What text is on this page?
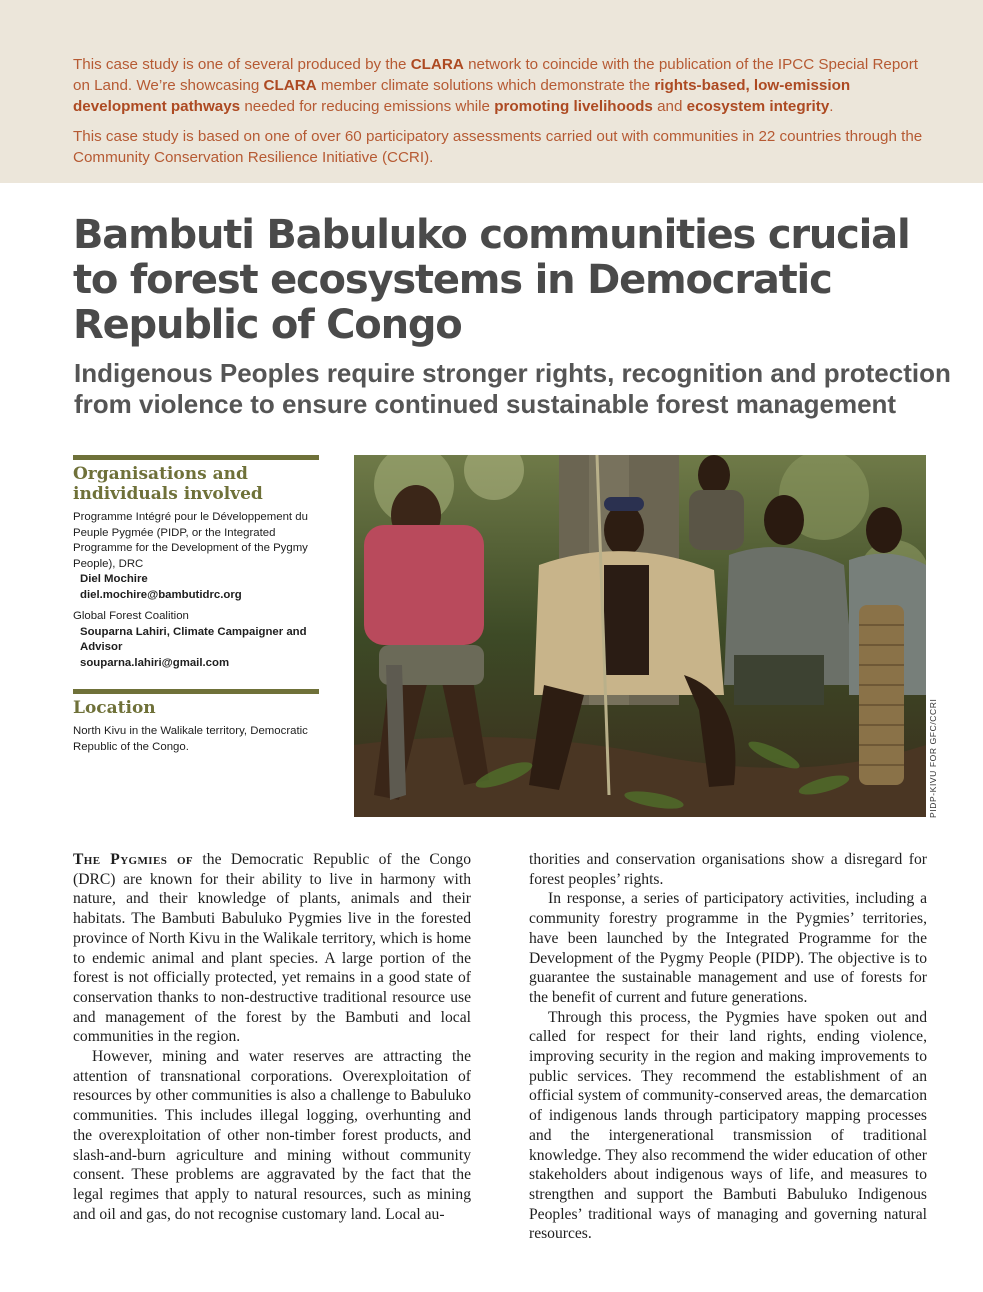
This case study is one of several produced by the CLARA network to coincide with the publication of the IPCC Special Report on Land. We’re showcasing CLARA member climate solutions which demonstrate the rights-based, low-emission development pathways needed for reducing emissions while promoting livelihoods and ecosystem integrity.

This case study is based on one of over 60 participatory assessments carried out with communities in 22 countries through the Community Conservation Resilience Initiative (CCRI).

Bambuti Babuluko communities crucial to forest ecosystems in Democratic Republic of Congo
Indigenous Peoples require stronger rights, recognition and protection from violence to ensure continued sustainable forest management
Organisations and individuals involved

Programme Intégré pour le Développement du Peuple Pygmée (PIDP, or the Integrated Programme for the Development of the Pygmy People), DRC

Diel Mochire

diel.mochire@bambutidrc.org

Global Forest Coalition

Souparna Lahiri, Climate Campaigner and Advisor

souparna.lahiri@gmail.com

Location

North Kivu in the Walikale territory, Democratic Republic of the Congo.	PIDP-KIVU FOR GFC/CCRI

The Pygmies of the Democratic Republic of the Congo (DRC) are known for their ability to live in harmony with nature, and their knowledge of plants, animals and their habitats. The Bambuti Babuluko Pygmies live in the forested province of North Kivu in the Walikale territory, which is home to endemic animal and plant species. A large portion of the forest is not officially protected, yet remains in a good state of conservation thanks to non-destructive traditional resource use and management of the forest by the Bambuti and local communities in the region.

However, mining and water reserves are attracting the attention of transnational corporations. Overexploitation of resources by other communities is also a challenge to Babuluko communities. This includes illegal logging, overhunting and the overexploitation of other non-timber forest products, and slash-and-burn agriculture and mining without community consent. These problems are aggravated by the fact that the legal regimes that apply to natural resources, such as mining and oil and gas, do not recognise customary land. Local au-

thorities and conservation organisations show a disregard for forest peoples’ rights.

In response, a series of participatory activities, including a community forestry programme in the Pygmies’ territories, have been launched by the Integrated Programme for the Development of the Pygmy People (PIDP). The objective is to guarantee the sustainable management and use of forests for the benefit of current and future generations.

Through this process, the Pygmies have spoken out and called for respect for their land rights, ending violence, improving security in the region and making improvements to public services. They recommend the establishment of an official system of community-conserved areas, the demarcation of indigenous lands through participatory mapping processes and the intergenerational transmission of traditional knowledge. They also recommend the wider education of other stakeholders about indigenous ways of life, and measures to strengthen and support the Bambuti Babuluko Indigenous Peoples’ traditional ways of managing and governing natural resources.
